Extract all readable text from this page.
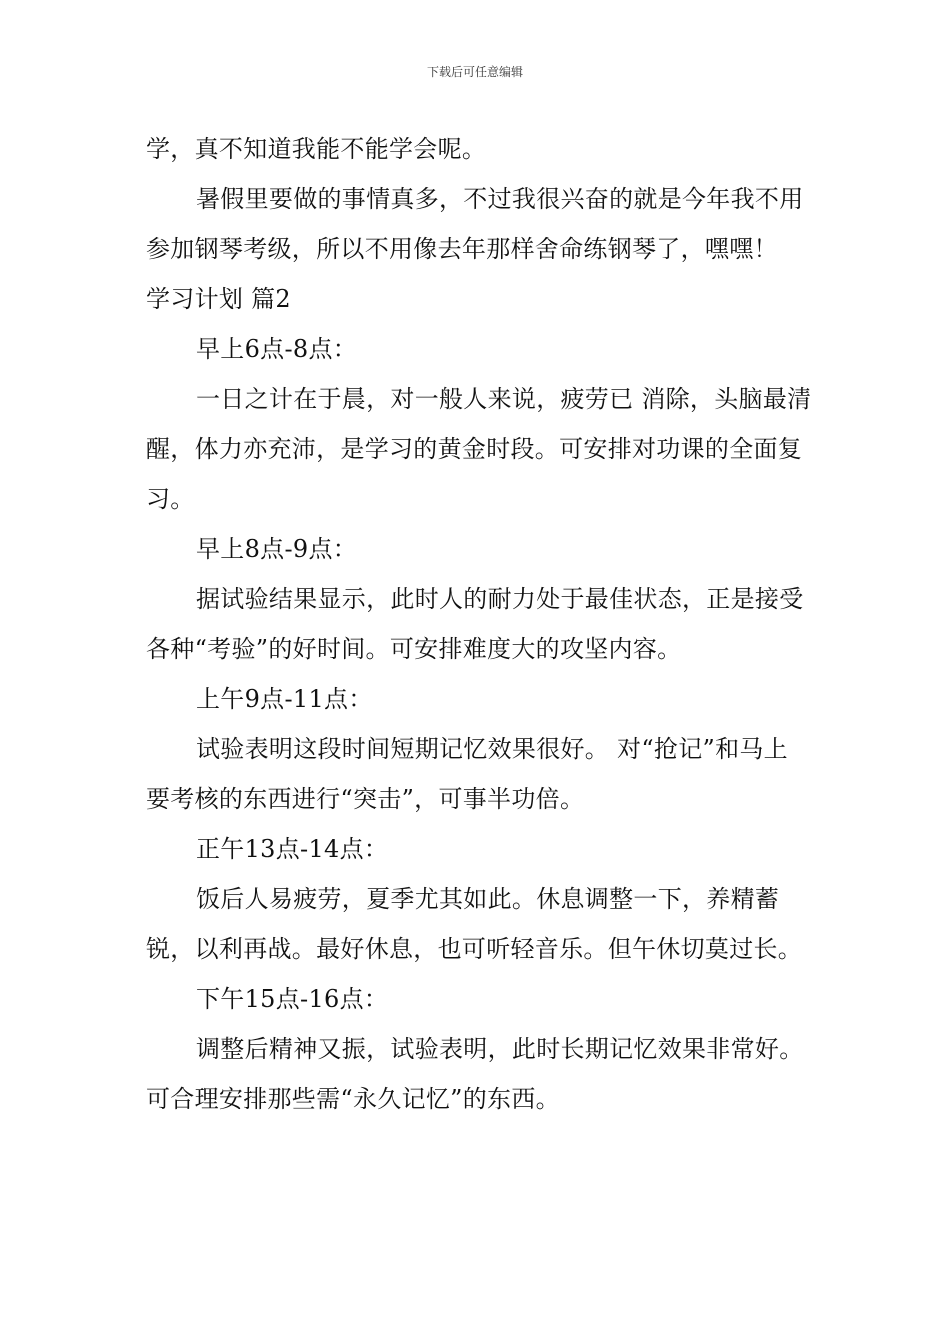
下载后可任意编辑

学，真不知道我能不能学会呢。

暑假里要做的事情真多，不过我很兴奋的就是今年我不用参加钢琴考级，所以不用像去年那样舍命练钢琴了，嘿嘿！

学习计划 篇2

早上6点-8点：

一日之计在于晨，对一般人来说，疲劳已 消除，头脑最清醒，体力亦充沛，是学习的黄金时段。可安排对功课的全面复习。

早上8点-9点：

据试验结果显示，此时人的耐力处于最佳状态，正是接受各种“考验”的好时间。可安排难度大的攻坚内容。

上午9点-11点：

试验表明这段时间短期记忆效果很好。 对“抢记”和马上要考核的东西进行“突击”，可事半功倍。

正午13点-14点：

饭后人易疲劳，夏季尤其如此。休息调整一下，养精蓄锐，以利再战。最好休息，也可听轻音乐。但午休切莫过长。

下午15点-16点：

调整后精神又振，试验表明，此时长期记忆效果非常好。可合理安排那些需“永久记忆”的东西。
